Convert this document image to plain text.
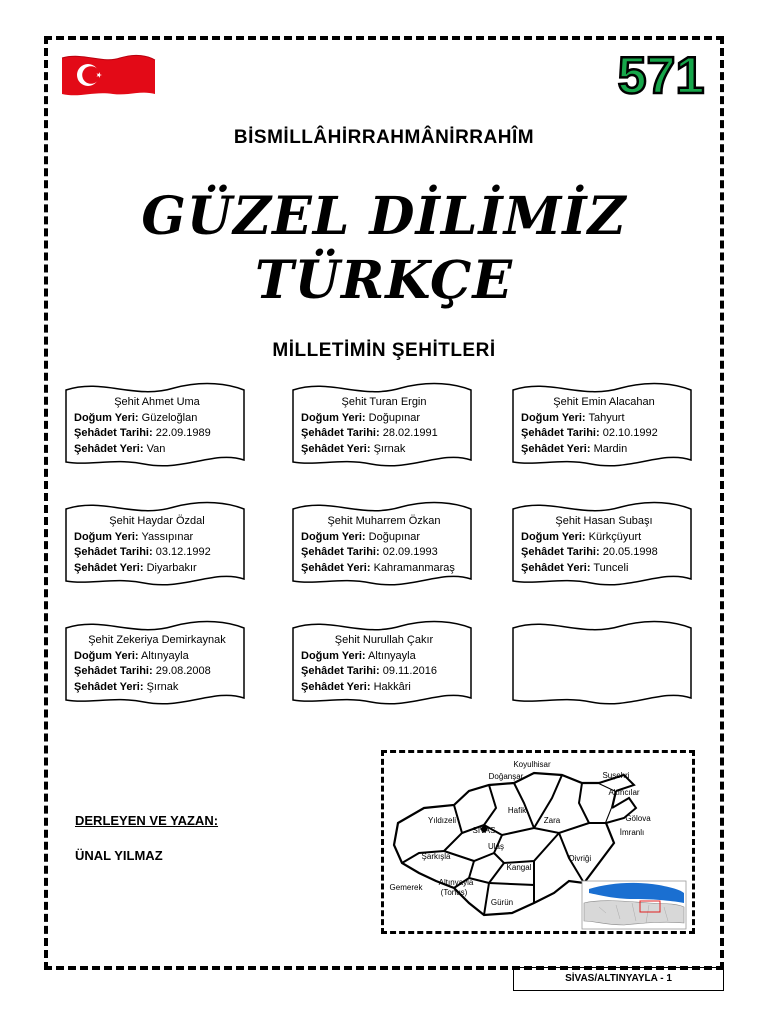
571
BİSMİLLÂHİRRAHMÂNİRRAHÎM
GÜZEL DİLİMİZ
TÜRKÇE
MİLLETİMİN ŞEHİTLERİ
Şehit Ahmet Uma
Doğum Yeri: Güzeloğlan
Şehâdet Tarihi: 22.09.1989
Şehâdet Yeri: Van
Şehit Turan Ergin
Doğum Yeri: Doğupınar
Şehâdet Tarihi: 28.02.1991
Şehâdet Yeri: Şırnak
Şehit Emin Alacahan
Doğum Yeri: Tahyurt
Şehâdet Tarihi: 02.10.1992
Şehâdet Yeri: Mardin
Şehit Haydar Özdal
Doğum Yeri: Yassıpınar
Şehâdet Tarihi: 03.12.1992
Şehâdet Yeri: Diyarbakır
Şehit Muharrem Özkan
Doğum Yeri: Doğupınar
Şehâdet Tarihi: 02.09.1993
Şehâdet Yeri: Kahramanmaraş
Şehit Hasan Subaşı
Doğum Yeri: Kürkçüyurt
Şehâdet Tarihi: 20.05.1998
Şehâdet Yeri: Tunceli
Şehit Zekeriya Demirkaynak
Doğum Yeri: Altınyayla
Şehâdet Tarihi: 29.08.2008
Şehâdet Yeri: Şırnak
Şehit Nurullah Çakır
Doğum Yeri: Altınyayla
Şehâdet Tarihi: 09.11.2016
Şehâdet Yeri: Hakkâri
DERLEYEN VE YAZAN:
ÜNAL YILMAZ
Koyulhisar
Doğanşar	Suşehri
Akıncılar
Gölova
İmranlı
Hafik
Zara
Yıldızeli
SİVAS
Ulaş
Şarkışla
Kangal
Divriği
Gemerek
Altınyayla
(Tonus)
Gürün
SİVAS/ALTINYAYLA - 1
